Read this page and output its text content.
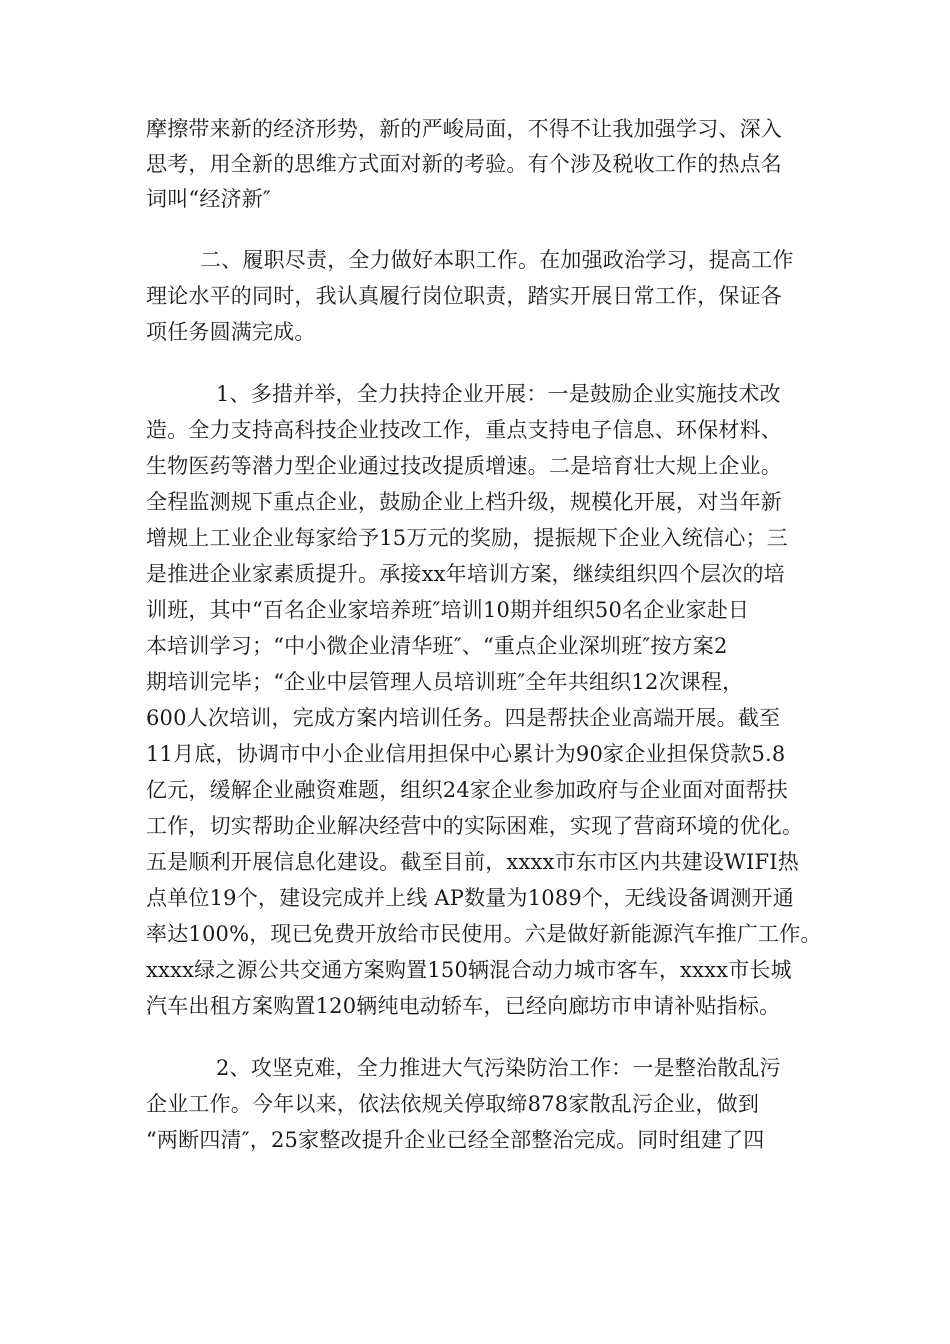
摩擦带来新的经济形势，新的严峻局面，不得不让我加强学习、深入
思考，用全新的思维方式面对新的考验。有个涉及税收工作的热点名
词叫“经济新″
二、履职尽责，全力做好本职工作。在加强政治学习，提高工作
理论水平的同时，我认真履行岗位职责，踏实开展日常工作，保证各
项任务圆满完成。
1、多措并举，全力扶持企业开展：一是鼓励企业实施技术改
造。全力支持高科技企业技改工作，重点支持电子信息、环保材料、
生物医药等潜力型企业通过技改提质增速。二是培育壮大规上企业。
全程监测规下重点企业，鼓励企业上档升级，规模化开展，对当年新
增规上工业企业每家给予15万元的奖励，提振规下企业入统信心；三
是推进企业家素质提升。承接xx年培训方案，继续组织四个层次的培
训班，其中“百名企业家培养班″培训10期并组织50名企业家赴日
本培训学习；“中小微企业清华班″、“重点企业深圳班″按方案2
期培训完毕；“企业中层管理人员培训班″全年共组织12次课程，
600人次培训，完成方案内培训任务。四是帮扶企业高端开展。截至
11月底，协调市中小企业信用担保中心累计为90家企业担保贷款5.8
亿元，缓解企业融资难题，组织24家企业参加政府与企业面对面帮扶
工作，切实帮助企业解决经营中的实际困难，实现了营商环境的优化。
五是顺利开展信息化建设。截至目前，xxxx市东市区内共建设WIFI热
点单位19个，建设完成并上线 AP数量为1089个，无线设备调测开通
率达100%，现已免费开放给市民使用。六是做好新能源汽车推广工作。
xxxx绿之源公共交通方案购置150辆混合动力城市客车，xxxx市长城
汽车出租方案购置120辆纯电动轿车，已经向廊坊市申请补贴指标。
2、攻坚克难，全力推进大气污染防治工作：一是整治散乱污
企业工作。今年以来，依法依规关停取缔878家散乱污企业，做到
“两断四清″，25家整改提升企业已经全部整治完成。同时组建了四
